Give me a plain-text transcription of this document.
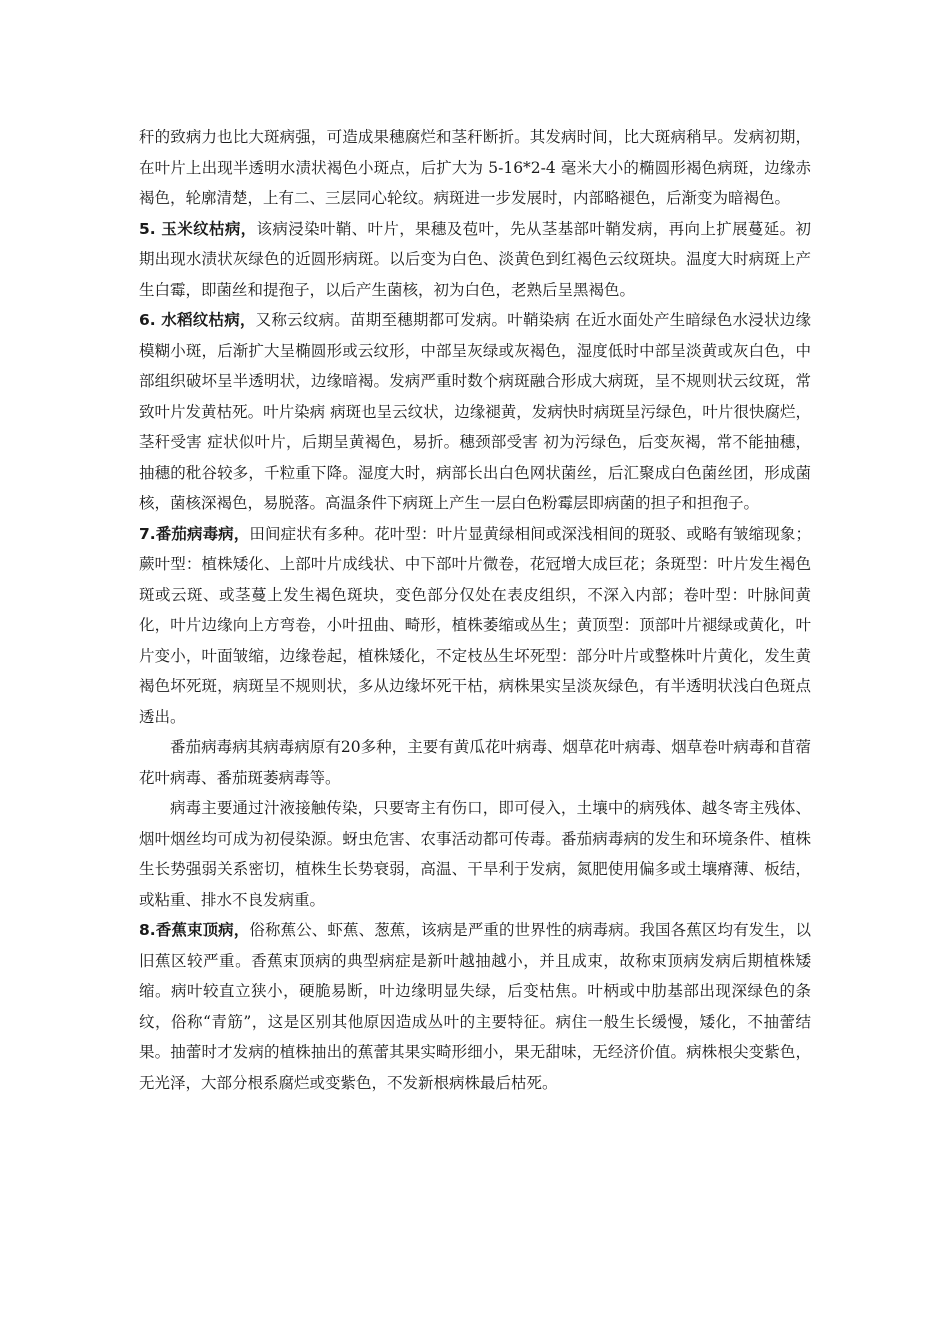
秆的致病力也比大斑病强，可造成果穗腐烂和茎秆断折。其发病时间，比大斑病稍早。发病初期，在叶片上出现半透明水渍状褐色小斑点，后扩大为 5-16*2-4 毫米大小的椭圆形褐色病斑，边缘赤褐色，轮廓清楚，上有二、三层同心轮纹。病斑进一步发展时，内部略褪色，后渐变为暗褐色。

5. 玉米纹枯病，该病浸染叶鞘、叶片，果穗及苞叶，先从茎基部叶鞘发病，再向上扩展蔓延。初期出现水渍状灰绿色的近圆形病斑。以后变为白色、淡黄色到红褐色云纹斑块。温度大时病斑上产生白霉，即菌丝和提孢子，以后产生菌核，初为白色，老熟后呈黑褐色。

6. 水稻纹枯病，又称云纹病。苗期至穗期都可发病。叶鞘染病 在近水面处产生暗绿色水浸状边缘模糊小斑，后渐扩大呈椭圆形或云纹形，中部呈灰绿或灰褐色，湿度低时中部呈淡黄或灰白色，中部组织破坏呈半透明状，边缘暗褐。发病严重时数个病斑融合形成大病斑，呈不规则状云纹斑，常致叶片发黄枯死。叶片染病 病斑也呈云纹状，边缘褪黄，发病快时病斑呈污绿色，叶片很快腐烂，茎秆受害 症状似叶片，后期呈黄褐色，易折。穗颈部受害 初为污绿色，后变灰褐，常不能抽穗，抽穗的秕谷较多，千粒重下降。湿度大时，病部长出白色网状菌丝，后汇聚成白色菌丝团，形成菌核，菌核深褐色，易脱落。高温条件下病斑上产生一层白色粉霉层即病菌的担子和担孢子。

7.番茄病毒病，田间症状有多种。花叶型：叶片显黄绿相间或深浅相间的斑驳、或略有皱缩现象；蕨叶型：植株矮化、上部叶片成线状、中下部叶片微卷，花冠增大成巨花；条斑型：叶片发生褐色斑或云斑、或茎蔓上发生褐色斑块，变色部分仅处在表皮组织，不深入内部；卷叶型：叶脉间黄化，叶片边缘向上方弯卷，小叶扭曲、畸形，植株萎缩或丛生；黄顶型：顶部叶片褪绿或黄化，叶片变小，叶面皱缩，边缘卷起，植株矮化，不定枝丛生坏死型：部分叶片或整株叶片黄化，发生黄褐色坏死斑，病斑呈不规则状，多从边缘坏死干枯，病株果实呈淡灰绿色，有半透明状浅白色斑点透出。

番茄病毒病其病毒病原有20多种，主要有黄瓜花叶病毒、烟草花叶病毒、烟草卷叶病毒和苜蓿花叶病毒、番茄斑萎病毒等。

病毒主要通过汁液接触传染，只要寄主有伤口，即可侵入，土壤中的病残体、越冬寄主残体、烟叶烟丝均可成为初侵染源。蚜虫危害、农事活动都可传毒。番茄病毒病的发生和环境条件、植株生长势强弱关系密切，植株生长势衰弱，高温、干旱利于发病，氮肥使用偏多或土壤瘠薄、板结，或粘重、排水不良发病重。

8.香蕉束顶病，俗称蕉公、虾蕉、葱蕉，该病是严重的世界性的病毒病。我国各蕉区均有发生，以旧蕉区较严重。香蕉束顶病的典型病症是新叶越抽越小，并且成束，故称束顶病发病后期植株矮缩。病叶较直立狭小，硬脆易断，叶边缘明显失绿，后变枯焦。叶柄或中肋基部出现深绿色的条纹，俗称“青筋”，这是区别其他原因造成丛叶的主要特征。病住一般生长缓慢，矮化，不抽蕾结果。抽蕾时才发病的植株抽出的蕉蕾其果实畸形细小，果无甜味，无经济价值。病株根尖变紫色，无光泽，大部分根系腐烂或变紫色，不发新根病株最后枯死。
